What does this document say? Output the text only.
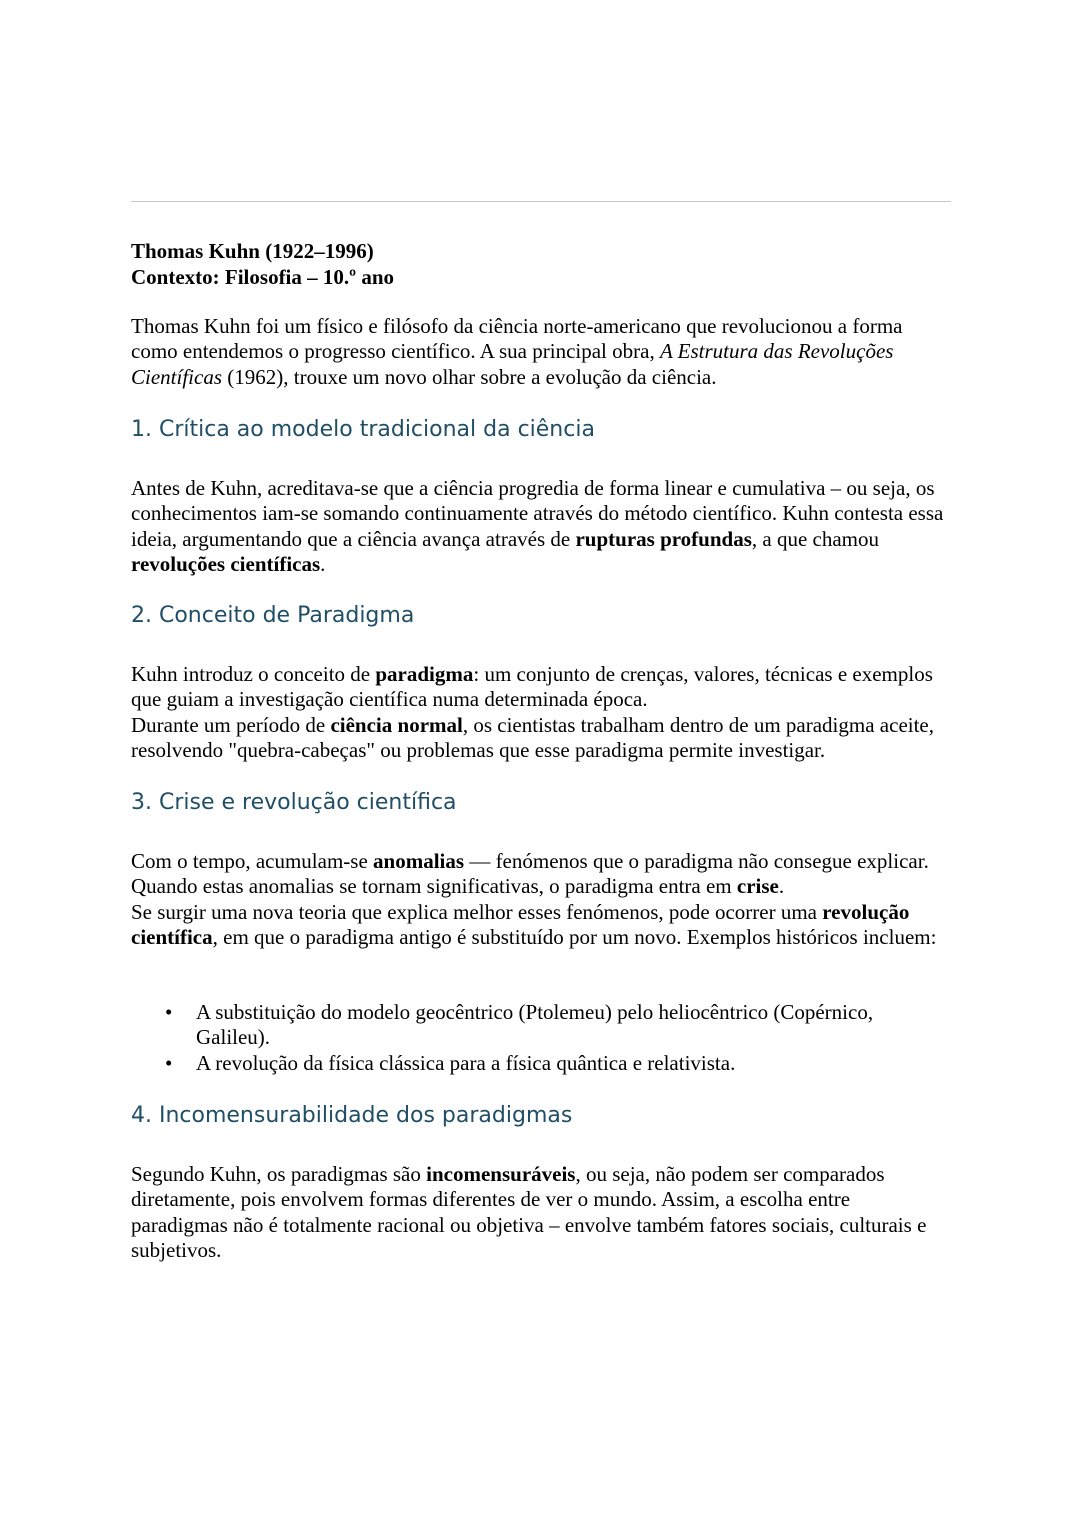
Thomas Kuhn (1922–1996)
Contexto: Filosofia – 10.º ano
Thomas Kuhn foi um físico e filósofo da ciência norte-americano que revolucionou a forma como entendemos o progresso científico. A sua principal obra, A Estrutura das Revoluções Científicas (1962), trouxe um novo olhar sobre a evolução da ciência.
1. Crítica ao modelo tradicional da ciência
Antes de Kuhn, acreditava-se que a ciência progredia de forma linear e cumulativa – ou seja, os conhecimentos iam-se somando continuamente através do método científico. Kuhn contesta essa ideia, argumentando que a ciência avança através de rupturas profundas, a que chamou revoluções científicas.
2. Conceito de Paradigma
Kuhn introduz o conceito de paradigma: um conjunto de crenças, valores, técnicas e exemplos que guiam a investigação científica numa determinada época.
Durante um período de ciência normal, os cientistas trabalham dentro de um paradigma aceite, resolvendo "quebra-cabeças" ou problemas que esse paradigma permite investigar.
3. Crise e revolução científica
Com o tempo, acumulam-se anomalias — fenómenos que o paradigma não consegue explicar. Quando estas anomalias se tornam significativas, o paradigma entra em crise.
Se surgir uma nova teoria que explica melhor esses fenómenos, pode ocorrer uma revolução científica, em que o paradigma antigo é substituído por um novo. Exemplos históricos incluem:
• A substituição do modelo geocêntrico (Ptolemeu) pelo heliocêntrico (Copérnico, Galileu).
• A revolução da física clássica para a física quântica e relativista.
4. Incomensurabilidade dos paradigmas
Segundo Kuhn, os paradigmas são incomensuráveis, ou seja, não podem ser comparados diretamente, pois envolvem formas diferentes de ver o mundo. Assim, a escolha entre paradigmas não é totalmente racional ou objetiva – envolve também fatores sociais, culturais e subjetivos.
